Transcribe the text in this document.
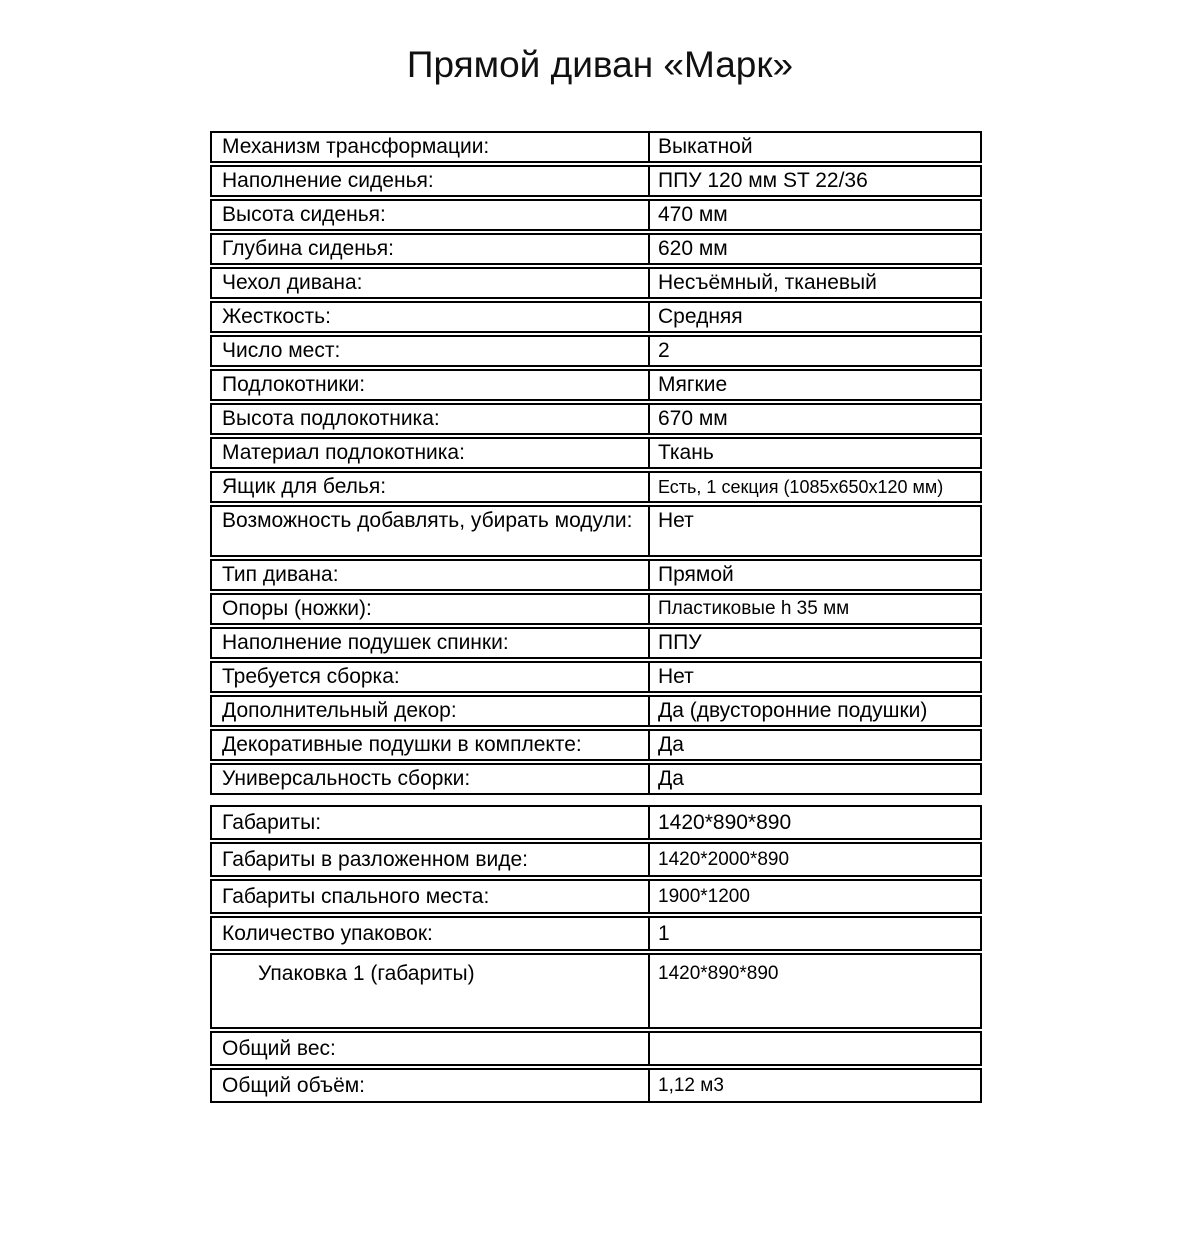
Прямой диван «Марк»
Механизм трансформации:	Выкатной
Наполнение сиденья:	ППУ 120 мм ST 22/36
Высота сиденья:	470 мм
Глубина сиденья:	620 мм
Чехол дивана:	Несъёмный, тканевый
Жесткость:	Средняя
Число мест:	2
Подлокотники:	Мягкие
Высота подлокотника:	670 мм
Материал подлокотника:	Ткань
Ящик для белья:	Есть, 1 секция (1085x650x120 мм)
Возможность добавлять, убирать модули:	Нет
Тип дивана:	Прямой
Опоры (ножки):	Пластиковые h 35 мм
Наполнение подушек спинки:	ППУ
Требуется сборка:	Нет
Дополнительный декор:	Да (двусторонние подушки)
Декоративные подушки в комплекте:	Да
Универсальность сборки:	Да
Габариты:	1420*890*890
Габариты в разложенном виде:	1420*2000*890
Габариты спального места:	1900*1200
Количество упаковок:	1
Упаковка 1 (габариты)	1420*890*890
Общий вес:	
Общий объём:	1,12 м3
